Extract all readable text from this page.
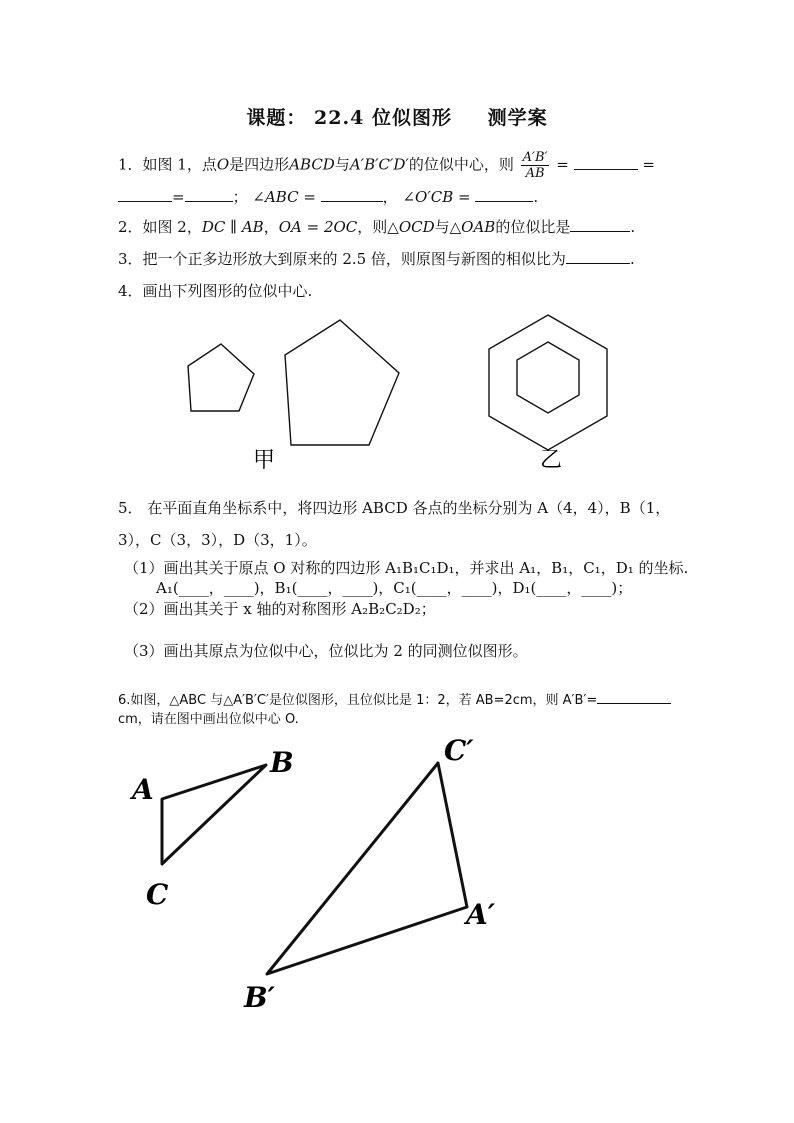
课题： 22.4 位似图形 测学案
1．如图 1，点O是四边形ABCD与A′B′C′D′的位似中心，则 $\frac{A'B'}{AB}$ =	=
=	； ∠ABC =	， ∠O′CB =	.
2．如图 2，DC ∥ AB，OA = 2OC，则△OCD与△OAB的位似比是	.
3．把一个正多边形放大到原来的 2.5 倍，则原图与新图的相似比为	.
4．画出下列图形的位似中心.
甲	乙
5． 在平面直角坐标系中，将四边形 ABCD 各点的坐标分别为 A（4，4），B（1，
3），C（3，3），D（3，1）。
（1）画出其关于原点 O 对称的四边形 A₁B₁C₁D₁，并求出 A₁，B₁，C₁，D₁ 的坐标.
A₁(____，____)，B₁(____，____)，C₁(____，____)，D₁(____，____)；
（2）画出其关于 x 轴的对称图形 A₂B₂C₂D₂；
（3）画出其原点为位似中心，位似比为 2 的同测位似图形。
6.如图，△ABC 与△A′B′C′是位似图形，且位似比是 1：2，若 AB=2cm，则 A′B′=
cm，请在图中画出位似中心 O.
A
B
C
C′
A′
B′
